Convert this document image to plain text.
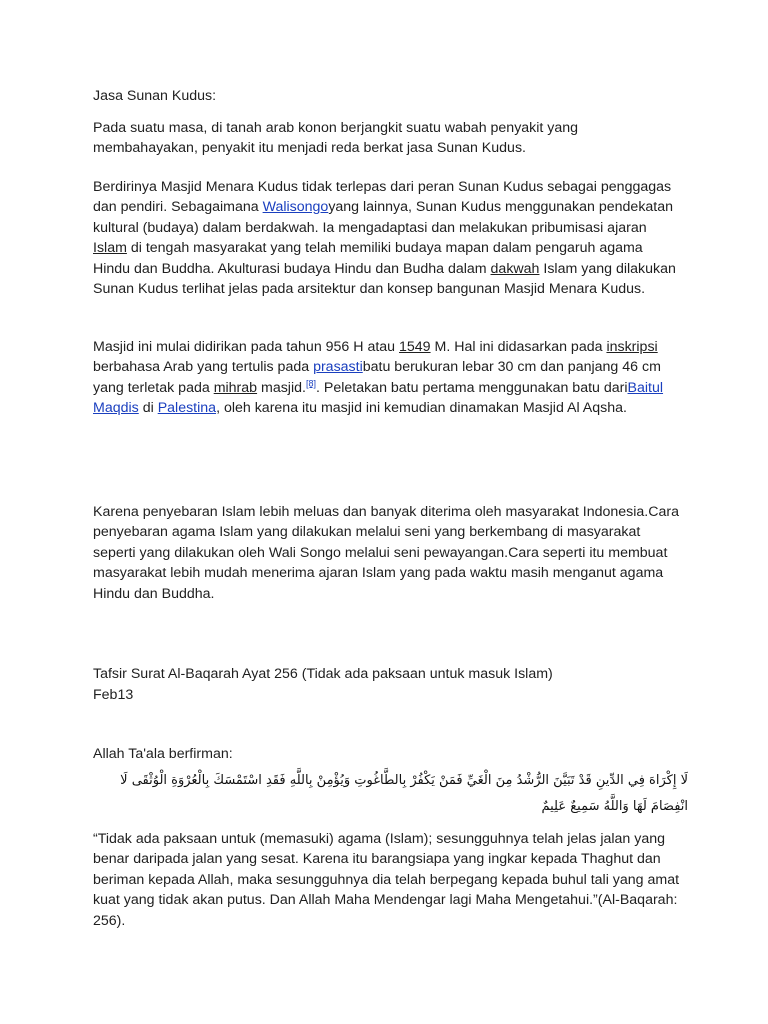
Jasa Sunan Kudus:

Pada suatu masa, di tanah arab konon berjangkit suatu wabah penyakit yang membahayakan, penyakit itu menjadi reda berkat jasa Sunan Kudus.

Berdirinya Masjid Menara Kudus tidak terlepas dari peran Sunan Kudus sebagai penggagas dan pendiri. Sebagaimana Walisongoyang lainnya, Sunan Kudus menggunakan pendekatan kultural (budaya) dalam berdakwah. Ia mengadaptasi dan melakukan pribumisasi ajaran Islam di tengah masyarakat yang telah memiliki budaya mapan dalam pengaruh agama Hindu dan Buddha. Akulturasi budaya Hindu dan Budha dalam dakwah Islam yang dilakukan Sunan Kudus terlihat jelas pada arsitektur dan konsep bangunan Masjid Menara Kudus.

Masjid ini mulai didirikan pada tahun 956 H atau 1549 M. Hal ini didasarkan pada inskripsi berbahasa Arab yang tertulis pada prasastibatu berukuran lebar 30 cm dan panjang 46 cm yang terletak pada mihrab masjid.[8]. Peletakan batu pertama menggunakan batu dariBaitul Maqdis di Palestina, oleh karena itu masjid ini kemudian dinamakan Masjid Al Aqsha.

Karena penyebaran Islam lebih meluas dan banyak diterima oleh masyarakat Indonesia.Cara penyebaran agama Islam yang dilakukan melalui seni yang berkembang di masyarakat seperti yang dilakukan oleh Wali Songo melalui seni pewayangan.Cara seperti itu membuat masyarakat lebih mudah menerima ajaran Islam yang pada waktu masih menganut agama Hindu dan Buddha.

Tafsir Surat Al-Baqarah Ayat 256 (Tidak ada paksaan untuk masuk Islam)

Feb13

Allah Ta'ala berfirman:

لَا إِكْرَاهَ فِي الدِّينِ قَدْ تَبَيَّنَ الرُّشْدُ مِنَ الْغَيِّ فَمَنْ يَكْفُرْ بِالطَّاغُوتِ وَيُؤْمِنْ بِاللَّهِ فَقَدِ اسْتَمْسَكَ بِالْعُرْوَةِ الْوُثْقَى لَا انْفِصَامَ لَهَا وَاللَّهُ سَمِيعٌ عَلِيمٌ

“Tidak ada paksaan untuk (memasuki) agama (Islam); sesungguhnya telah jelas jalan yang benar daripada jalan yang sesat. Karena itu barangsiapa yang ingkar kepada Thaghut dan beriman kepada Allah, maka sesungguhnya dia telah berpegang kepada buhul tali yang amat kuat yang tidak akan putus. Dan Allah Maha Mendengar lagi Maha Mengetahui.”(Al-Baqarah: 256).
